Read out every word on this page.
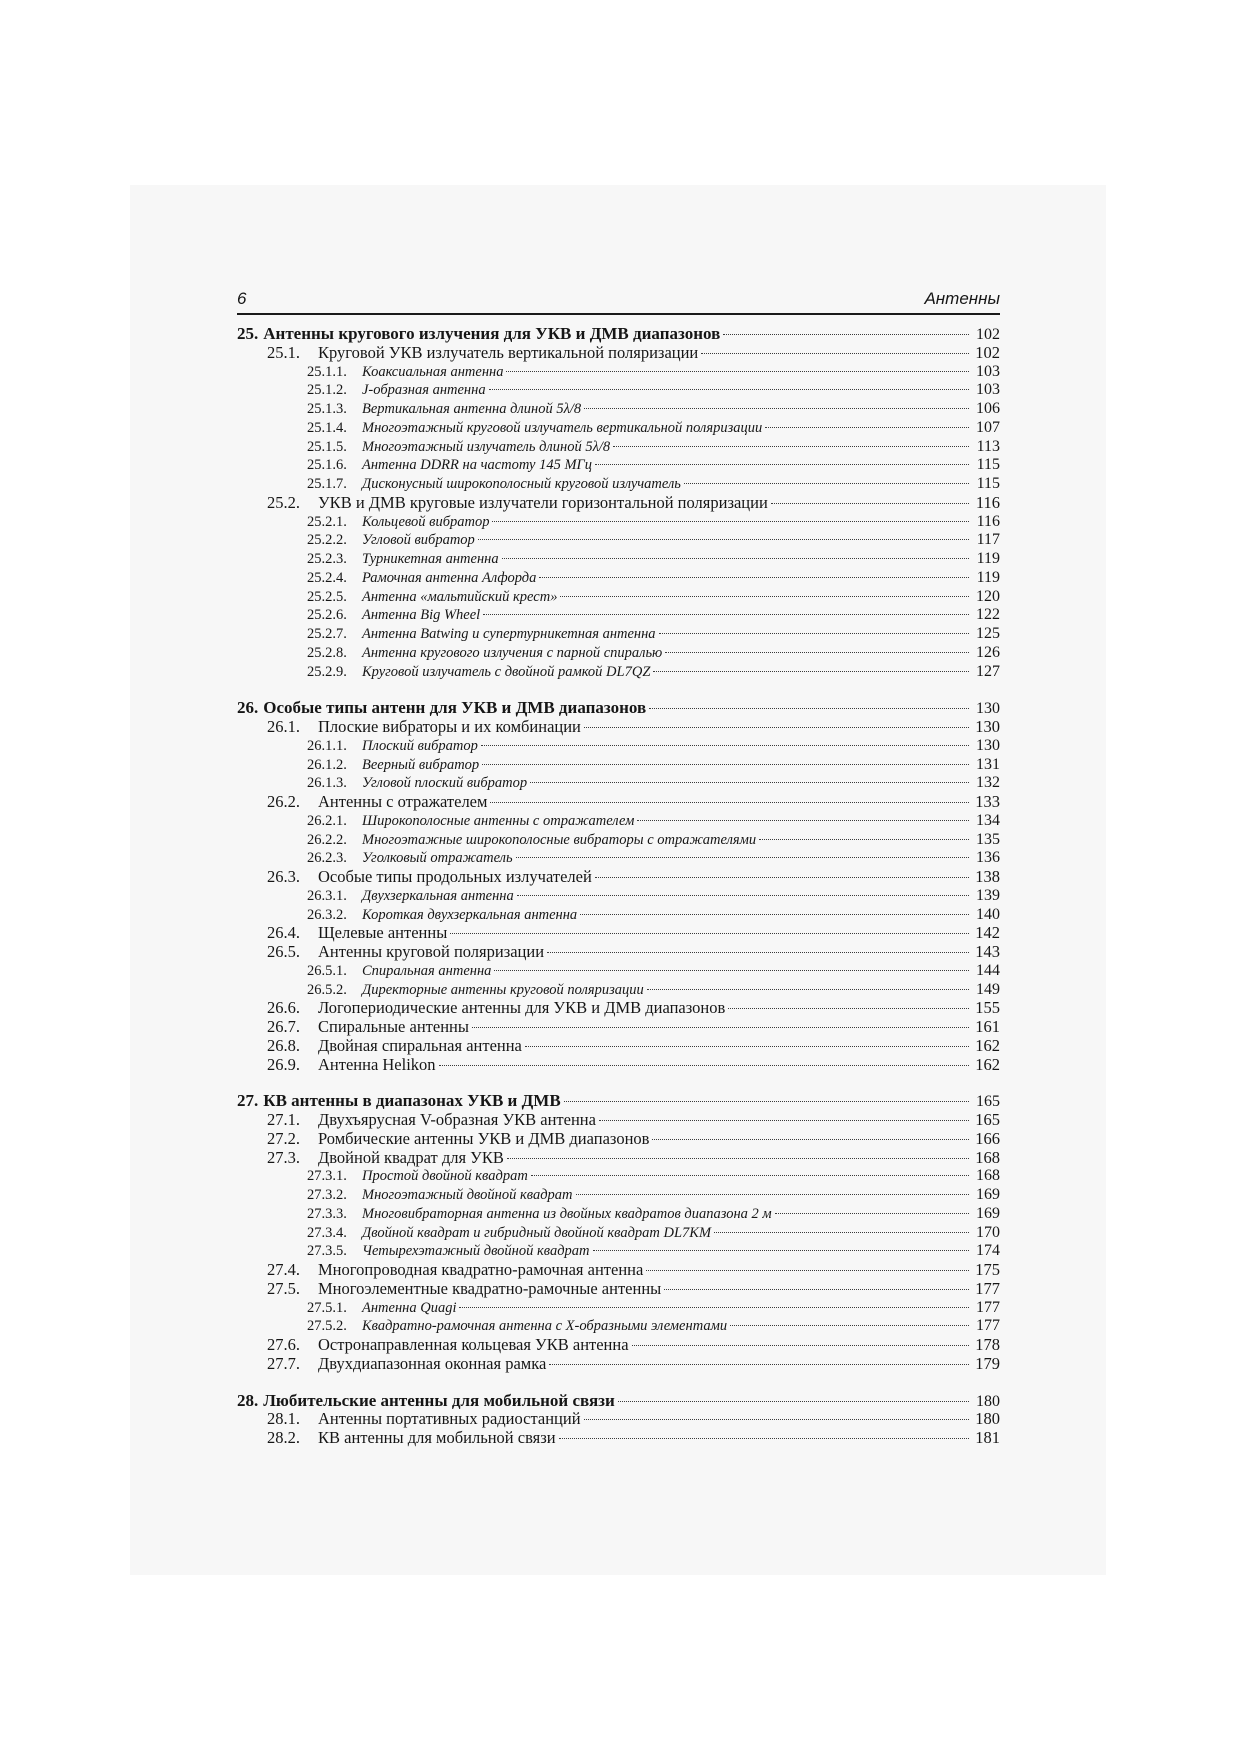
6	Антенны
25. Антенны кругового излучения для УКВ и ДМВ диапазонов	102
25.1.	Круговой УКВ излучатель вертикальной поляризации	102
25.1.1.	Коаксиальная антенна	103
25.1.2.	J-образная антенна	103
25.1.3.	Вертикальная антенна длиной 5λ/8	106
25.1.4.	Многоэтажный круговой излучатель вертикальной поляризации	107
25.1.5.	Многоэтажный излучатель длиной 5λ/8	113
25.1.6.	Антенна DDRR на частоту 145 МГц	115
25.1.7.	Дисконусный широкополосный круговой излучатель	115
25.2.	УКВ и ДМВ круговые излучатели горизонтальной поляризации	116
25.2.1.	Кольцевой вибратор	116
25.2.2.	Угловой вибратор	117
25.2.3.	Турникетная антенна	119
25.2.4.	Рамочная антенна Алфорда	119
25.2.5.	Антенна «мальтийский крест»	120
25.2.6.	Антенна Big Wheel	122
25.2.7.	Антенна Batwing и супертурникетная антенна	125
25.2.8.	Антенна кругового излучения с парной спиралью	126
25.2.9.	Круговой излучатель с двойной рамкой DL7QZ	127
26. Особые типы антенн для УКВ и ДМВ диапазонов	130
26.1.	Плоские вибраторы и их комбинации	130
26.1.1.	Плоский вибратор	130
26.1.2.	Веерный вибратор	131
26.1.3.	Угловой плоский вибратор	132
26.2.	Антенны с отражателем	133
26.2.1.	Широкополосные антенны с отражателем	134
26.2.2.	Многоэтажные широкополосные вибраторы с отражателями	135
26.2.3.	Уголковый отражатель	136
26.3.	Особые типы продольных излучателей	138
26.3.1.	Двухзеркальная антенна	139
26.3.2.	Короткая двухзеркальная антенна	140
26.4.	Щелевые антенны	142
26.5.	Антенны круговой поляризации	143
26.5.1.	Спиральная антенна	144
26.5.2.	Директорные антенны круговой поляризации	149
26.6.	Логопериодические антенны для УКВ и ДМВ диапазонов	155
26.7.	Спиральные антенны	161
26.8.	Двойная спиральная антенна	162
26.9.	Антенна Helikon	162
27. КВ антенны в диапазонах УКВ и ДМВ	165
27.1.	Двухъярусная V-образная УКВ антенна	165
27.2.	Ромбические антенны УКВ и ДМВ диапазонов	166
27.3.	Двойной квадрат для УКВ	168
27.3.1.	Простой двойной квадрат	168
27.3.2.	Многоэтажный двойной квадрат	169
27.3.3.	Многовибраторная антенна из двойных квадратов диапазона 2 м	169
27.3.4.	Двойной квадрат и гибридный двойной квадрат DL7KM	170
27.3.5.	Четырехэтажный двойной квадрат	174
27.4.	Многопроводная квадратно-рамочная антенна	175
27.5.	Многоэлементные квадратно-рамочные антенны	177
27.5.1.	Антенна Quagi	177
27.5.2.	Квадратно-рамочная антенна с Х-образными элементами	177
27.6.	Остронаправленная кольцевая УКВ антенна	178
27.7.	Двухдиапазонная оконная рамка	179
28. Любительские антенны для мобильной связи	180
28.1.	Антенны портативных радиостанций	180
28.2.	КВ антенны для мобильной связи	181
